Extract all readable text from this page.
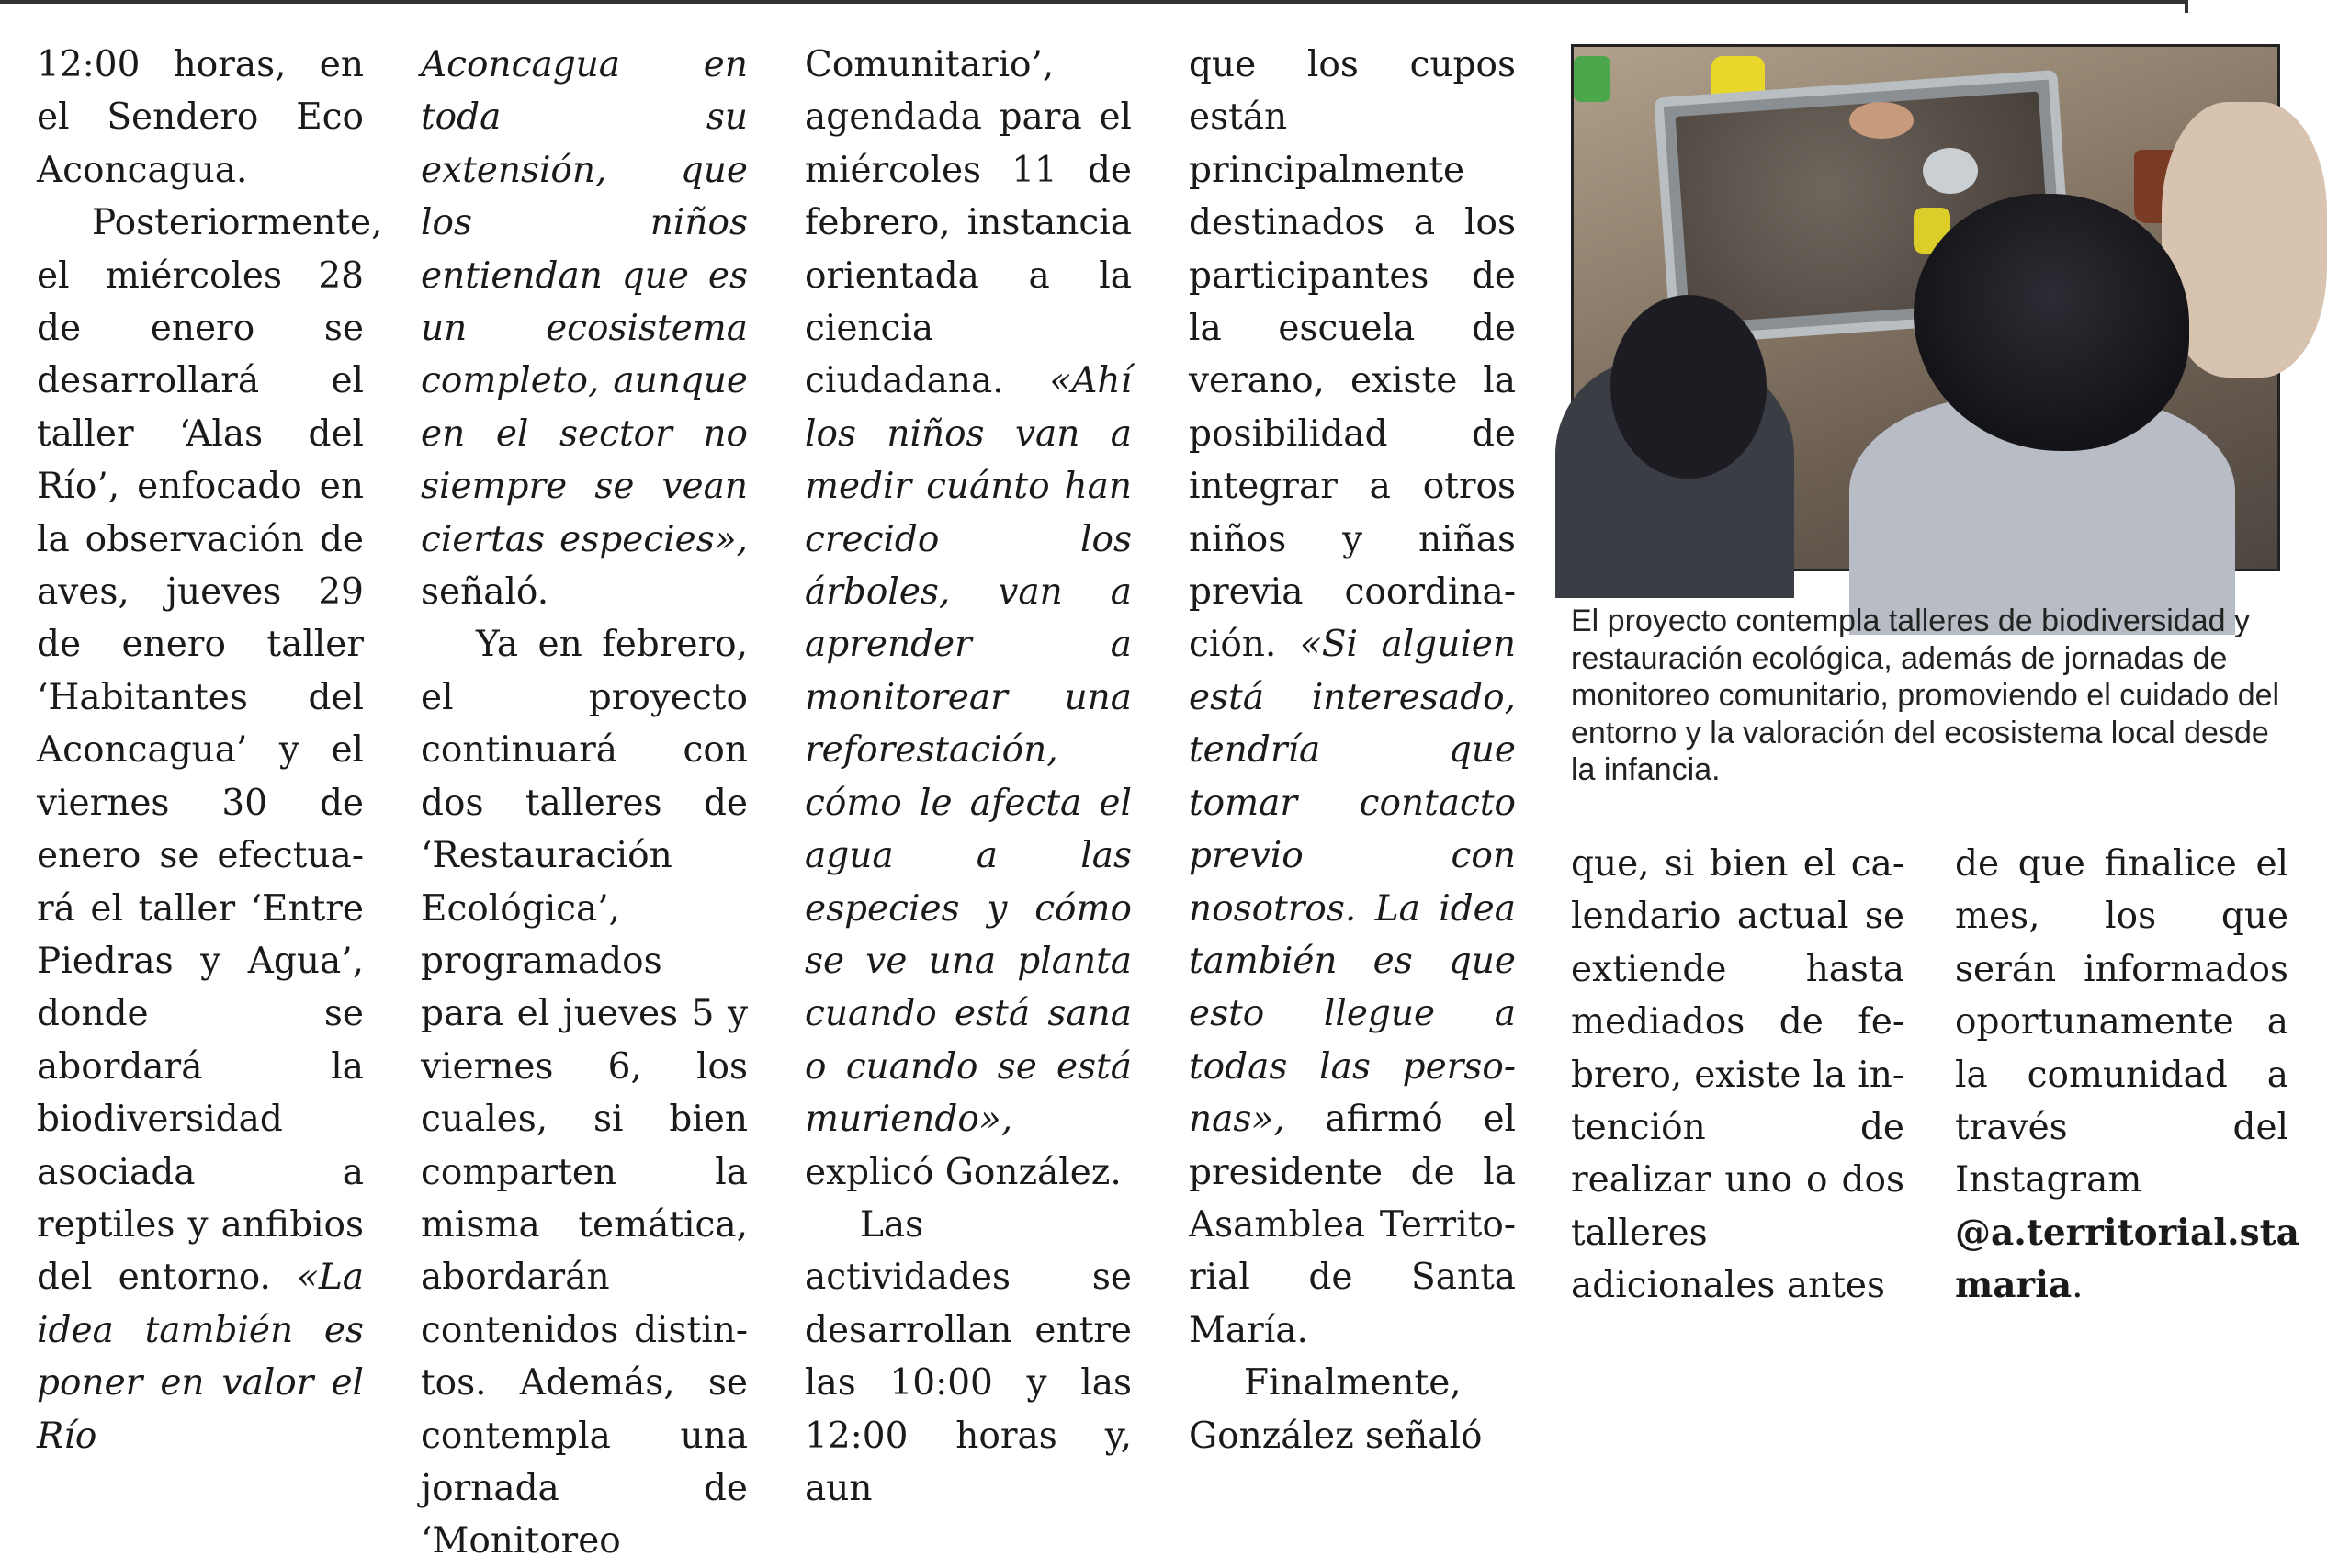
12:00 horas, en el Sendero Eco Aconcagua.

Posteriormente, el miércoles 28 de enero se desarrollará el taller ‘Alas del Río’, enfocado en la observación de aves, jueves 29 de enero taller ‘Habitantes del Aconcagua’ y el viernes 30 de enero se efectuará el taller ‘Entre Piedras y Agua’, donde se abordará la biodiversidad asociada a reptiles y anfibios del entorno. «La idea también es poner en valor el Río

Aconcagua en toda su extensión, que los niños entiendan que es un ecosistema completo, aunque en el sector no siempre se vean ciertas especies», señaló.

Ya en febrero, el proyecto continuará con dos talleres de ‘Restauración Ecológica’, programados para el jueves 5 y viernes 6, los cuales, si bien comparten la misma temática, abordarán contenidos distintos. Además, se contempla una jornada de ‘Monitoreo

Comunitario’, agendada para el miércoles 11 de febrero, instancia orientada a la ciencia ciudadana. «Ahí los niños van a medir cuánto han crecido los árboles, van a aprender a monitorear una reforestación, cómo le afecta el agua a las especies y cómo se ve una planta cuando está sana o cuando se está muriendo», explicó González.

Las actividades se desarrollan entre las 10:00 y las 12:00 horas y, aun

que los cupos están principalmente destinados a los participantes de la escuela de verano, existe la posibilidad de integrar a otros niños y niñas previa coordinación. «Si alguien está interesado, tendría que tomar contacto previo con nosotros. La idea también es que esto llegue a todas las personas», afirmó el presidente de la Asamblea Territorial de Santa María.

Finalmente, González señaló

El proyecto contempla talleres de biodiversidad y restauración ecológica, además de jornadas de monitoreo comunitario, promoviendo el cuidado del entorno y la valoración del ecosistema local desde la infancia.

que, si bien el calendario actual se extiende hasta mediados de febrero, existe la intención de realizar uno o dos talleres adicionales antes

de que finalice el mes, los que serán informados oportunamente a la comunidad a través del Instagram @a.territorial.sta maria.
